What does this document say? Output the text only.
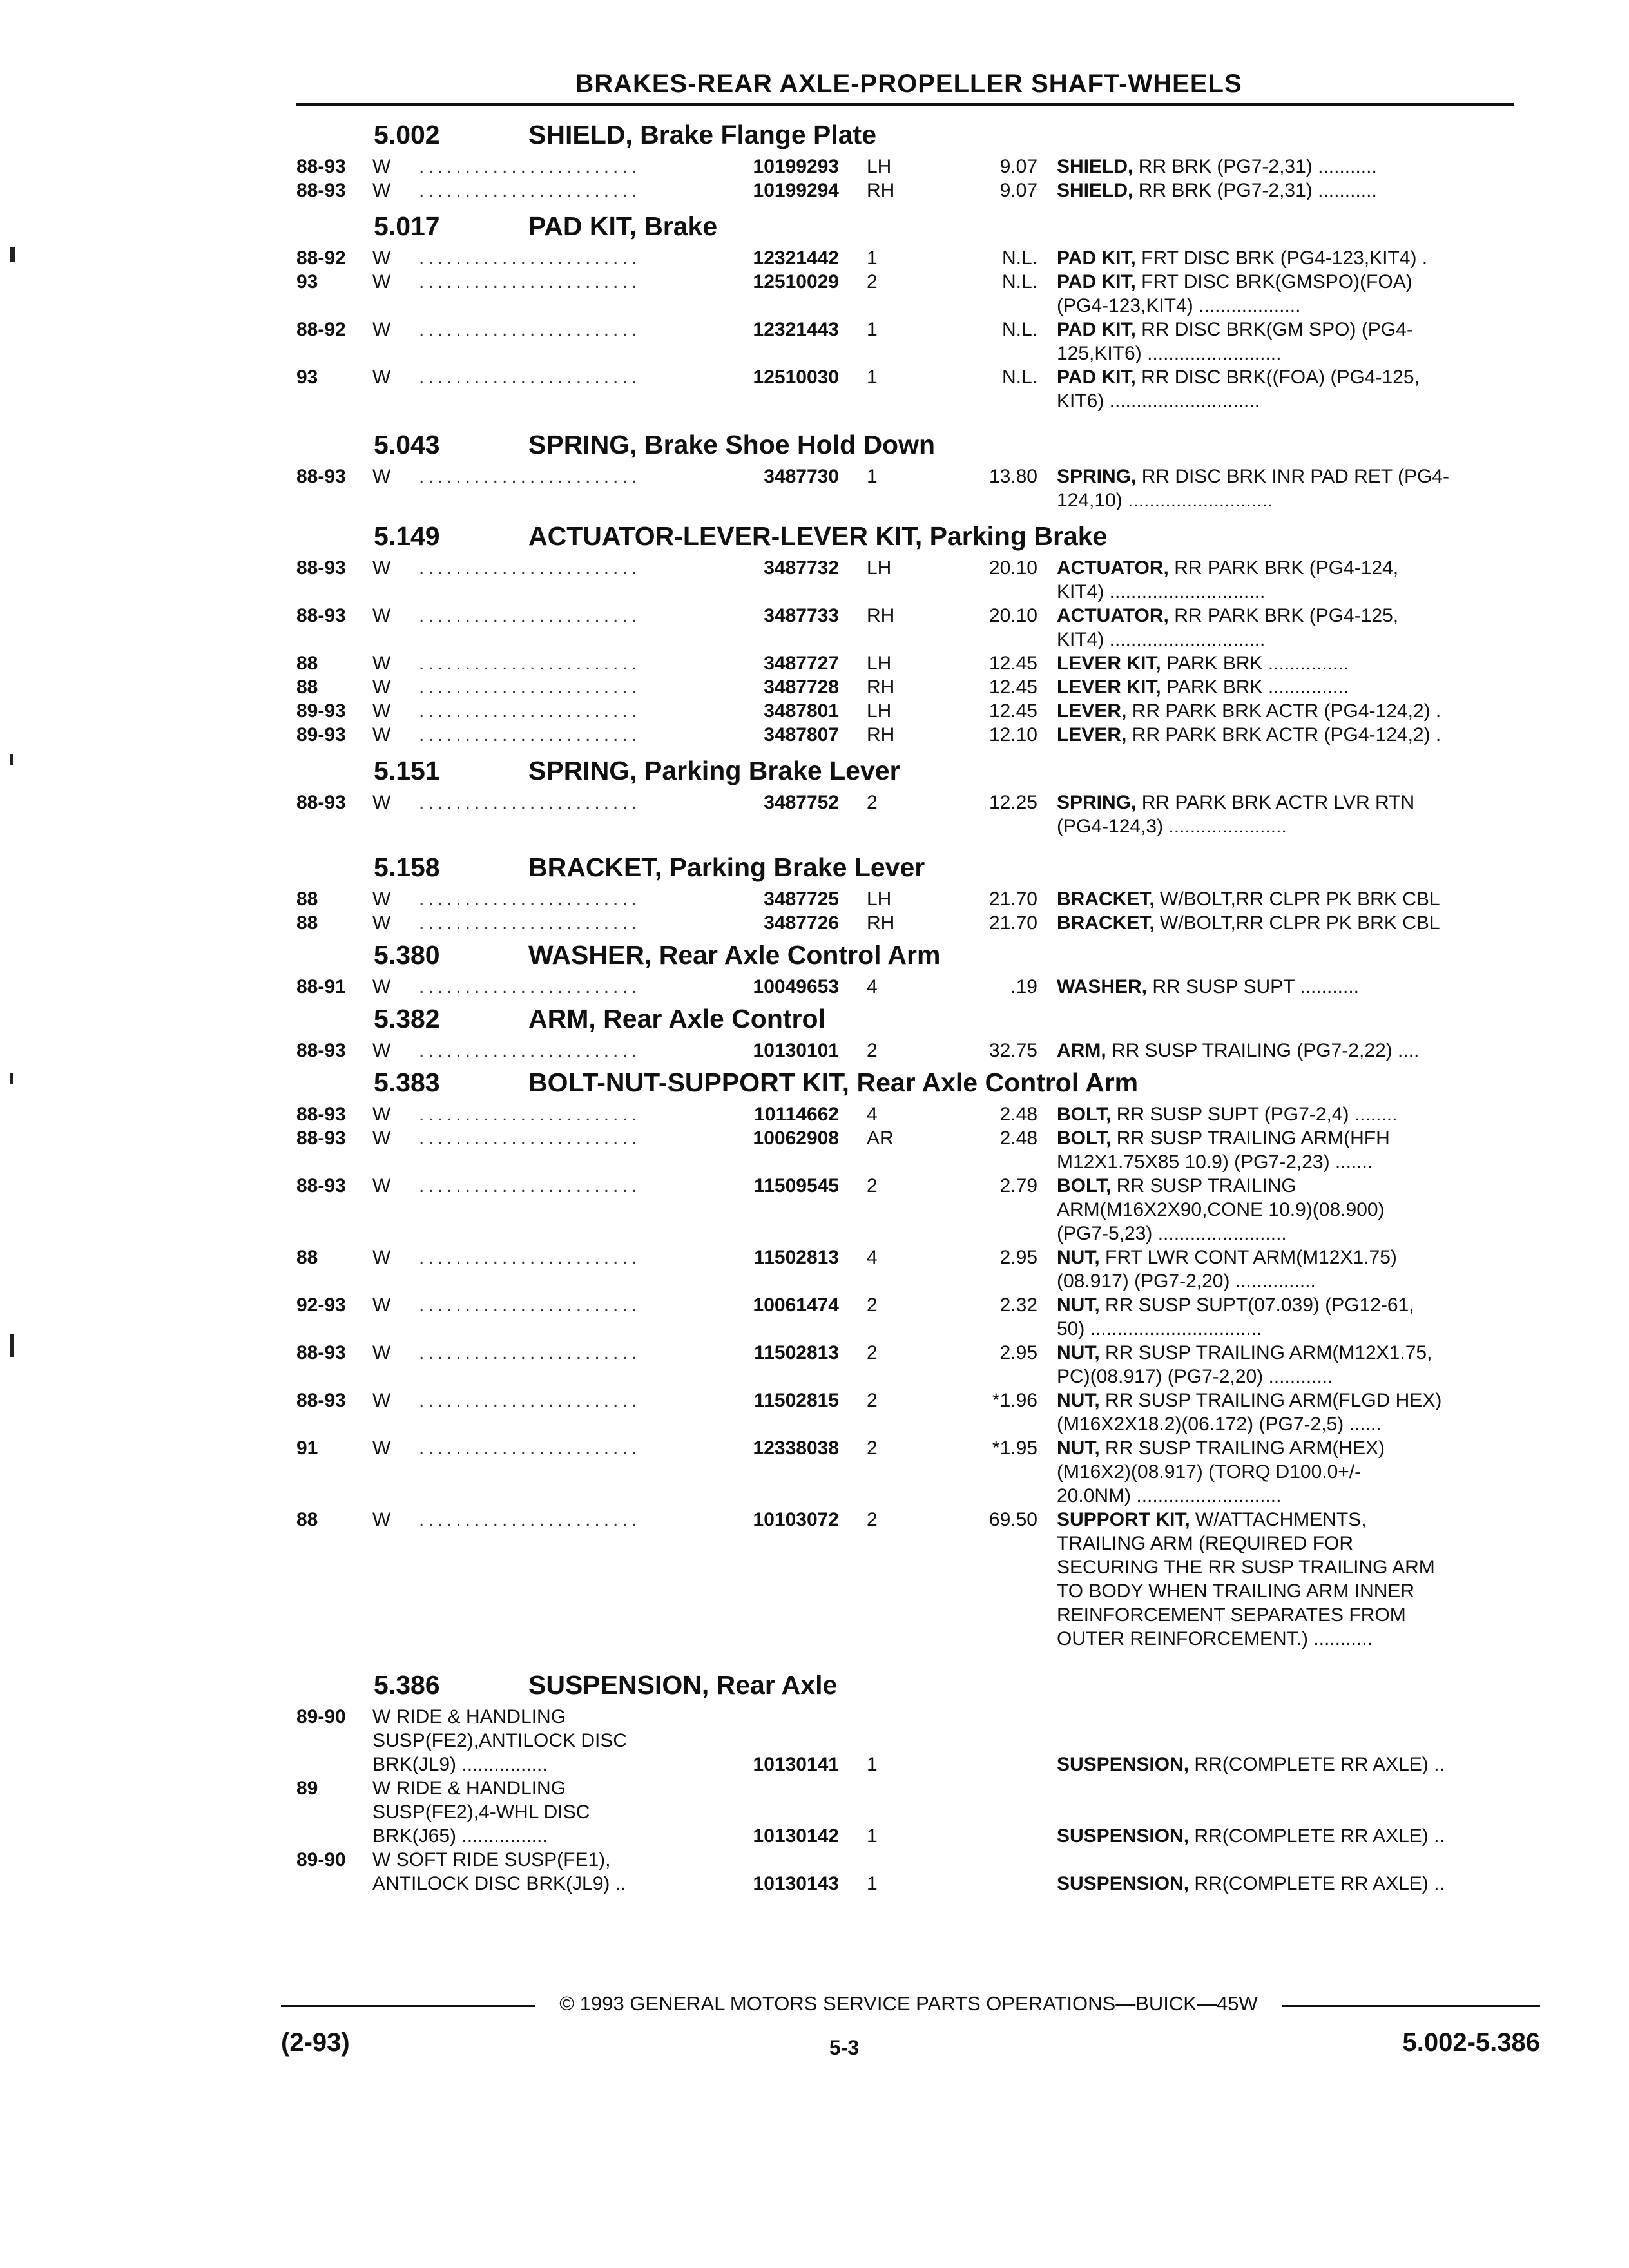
BRAKES-REAR AXLE-PROPELLER SHAFT-WHEELS
5.002	SHIELD, Brake Flange Plate
88-93	W	........................	10199293 LH	9.07 SHIELD, RR BRK (PG7-2,31) ...........
88-93	W	........................	10199294 RH	9.07 SHIELD, RR BRK (PG7-2,31) ...........
5.017	PAD KIT, Brake
88-92	W	........................	12321442 1	N.L. PAD KIT, FRT DISC BRK (PG4-123,KIT4) .
93	W	........................	12510029 2	N.L. PAD KIT, FRT DISC BRK(GMSPO)(FOA)
(PG4-123,KIT4) ...................
88-92	W	........................	12321443 1	N.L. PAD KIT, RR DISC BRK(GM SPO) (PG4-
125,KIT6) .........................
93	W	........................	12510030 1	N.L. PAD KIT, RR DISC BRK((FOA) (PG4-125,
KIT6) ............................
5.043	SPRING, Brake Shoe Hold Down
88-93	W	........................	3487730 1	13.80 SPRING, RR DISC BRK INR PAD RET (PG4-
124,10) ...........................
5.149	ACTUATOR-LEVER-LEVER KIT, Parking Brake
88-93	W	........................	3487732 LH	20.10 ACTUATOR, RR PARK BRK (PG4-124,
KIT4) .............................
88-93	W	........................	3487733 RH	20.10 ACTUATOR, RR PARK BRK (PG4-125,
KIT4) .............................
88	W	........................	3487727 LH	12.45 LEVER KIT, PARK BRK ...............
88	W	........................	3487728 RH	12.45 LEVER KIT, PARK BRK ...............
89-93	W	........................	3487801 LH	12.45 LEVER, RR PARK BRK ACTR (PG4-124,2) .
89-93	W	........................	3487807 RH	12.10 LEVER, RR PARK BRK ACTR (PG4-124,2) .
5.151	SPRING, Parking Brake Lever
88-93	W	........................	3487752 2	12.25 SPRING, RR PARK BRK ACTR LVR RTN
(PG4-124,3) ......................
5.158	BRACKET, Parking Brake Lever
88	W	........................	3487725 LH	21.70 BRACKET, W/BOLT,RR CLPR PK BRK CBL
88	W	........................	3487726 RH	21.70 BRACKET, W/BOLT,RR CLPR PK BRK CBL
5.380	WASHER, Rear Axle Control Arm
88-91	W	........................	10049653 4	.19 WASHER, RR SUSP SUPT ...........
5.382	ARM, Rear Axle Control
88-93	W	........................	10130101 2	32.75 ARM, RR SUSP TRAILING (PG7-2,22) ....
5.383	BOLT-NUT-SUPPORT KIT, Rear Axle Control Arm
88-93	W	........................	10114662 4	2.48 BOLT, RR SUSP SUPT (PG7-2,4) ........
88-93	W	........................	10062908 AR	2.48 BOLT, RR SUSP TRAILING ARM(HFH
M12X1.75X85 10.9) (PG7-2,23) .......
88-93	W	........................	11509545 2	2.79 BOLT, RR SUSP TRAILING
ARM(M16X2X90,CONE 10.9)(08.900)
(PG7-5,23) ........................
88	W	........................	11502813 4	2.95 NUT, FRT LWR CONT ARM(M12X1.75)
(08.917) (PG7-2,20) ...............
92-93	W	........................	10061474 2	2.32 NUT, RR SUSP SUPT(07.039) (PG12-61,
50) ................................
88-93	W	........................	11502813 2	2.95 NUT, RR SUSP TRAILING ARM(M12X1.75,
PC)(08.917) (PG7-2,20) ............
88-93	W	........................	11502815 2	*1.96 NUT, RR SUSP TRAILING ARM(FLGD HEX)
(M16X2X18.2)(06.172) (PG7-2,5) ......
91	W	........................	12338038 2	*1.95 NUT, RR SUSP TRAILING ARM(HEX)
(M16X2)(08.917) (TORQ D100.0+/-
20.0NM) ...........................
88	W	........................	10103072 2	69.50 SUPPORT KIT, W/ATTACHMENTS,
TRAILING ARM (REQUIRED FOR
SECURING THE RR SUSP TRAILING ARM
TO BODY WHEN TRAILING ARM INNER
REINFORCEMENT SEPARATES FROM
OUTER REINFORCEMENT.) ...........
5.386	SUSPENSION, Rear Axle
89-90	W RIDE & HANDLING
SUSP(FE2),ANTILOCK DISC
BRK(JL9) ................	10130141 1	SUSPENSION, RR(COMPLETE RR AXLE) ..
89	W RIDE & HANDLING
SUSP(FE2),4-WHL DISC
BRK(J65) ................	10130142 1	SUSPENSION, RR(COMPLETE RR AXLE) ..
89-90	W SOFT RIDE SUSP(FE1),
ANTILOCK DISC BRK(JL9) ..	10130143 1	SUSPENSION, RR(COMPLETE RR AXLE) ..
© 1993 GENERAL MOTORS SERVICE PARTS OPERATIONS—BUICK—45W
(2-93)	5-3	5.002-5.386
